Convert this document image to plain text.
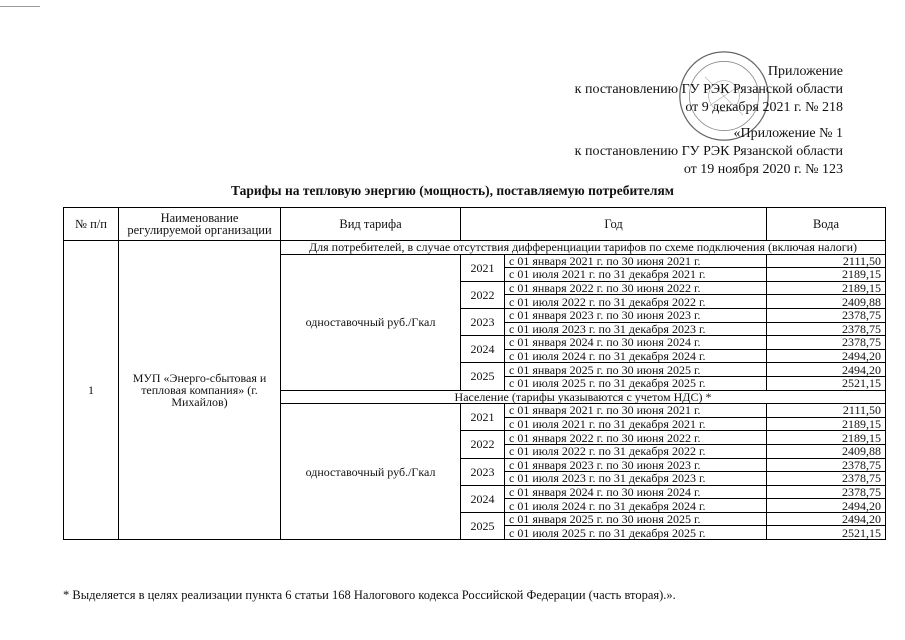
Приложение
к постановлению ГУ РЭК Рязанской области
от 9 декабря 2021 г. № 218
«Приложение № 1
к постановлению ГУ РЭК Рязанской области
от 19 ноября 2020 г. № 123
Тарифы на тепловую энергию (мощность), поставляемую потребителям
№ п/п	Наименование регулируемой организации	Вид тарифа	Год		Вода
1	МУП «Энерго-сбытовая и тепловая компания» (г. Михайлов)	Для потребителей, в случае отсутствия дифференциации тарифов по схеме подключения (включая налоги)			
		одноставочный руб./Гкал	2021	с 01 января 2021 г. по 30 июня 2021 г.	2111,50
				с 01 июля 2021 г. по 31 декабря 2021 г.	2189,15
			2022	с 01 января 2022 г. по 30 июня 2022 г.	2189,15
				с 01 июля 2022 г. по 31 декабря 2022 г.	2409,88
			2023	с 01 января 2023 г. по 30 июня 2023 г.	2378,75
				с 01 июля 2023 г. по 31 декабря 2023 г.	2378,75
			2024	с 01 января 2024 г. по 30 июня 2024 г.	2378,75
				с 01 июля 2024 г. по 31 декабря 2024 г.	2494,20
			2025	с 01 января 2025 г. по 30 июня 2025 г.	2494,20
				с 01 июля 2025 г. по 31 декабря 2025 г.	2521,15
		Население (тарифы указываются с учетом НДС) *			
		одноставочный руб./Гкал	2021	с 01 января 2021 г. по 30 июня 2021 г.	2111,50
				с 01 июля 2021 г. по 31 декабря 2021 г.	2189,15
			2022	с 01 января 2022 г. по 30 июня 2022 г.	2189,15
				с 01 июля 2022 г. по 31 декабря 2022 г.	2409,88
			2023	с 01 января 2023 г. по 30 июня 2023 г.	2378,75
				с 01 июля 2023 г. по 31 декабря 2023 г.	2378,75
			2024	с 01 января 2024 г. по 30 июня 2024 г.	2378,75
				с 01 июля 2024 г. по 31 декабря 2024 г.	2494,20
			2025	с 01 января 2025 г. по 30 июня 2025 г.	2494,20
				с 01 июля 2025 г. по 31 декабря 2025 г.	2521,15
* Выделяется в целях реализации пункта 6 статьи 168 Налогового кодекса Российской Федерации (часть вторая).».
